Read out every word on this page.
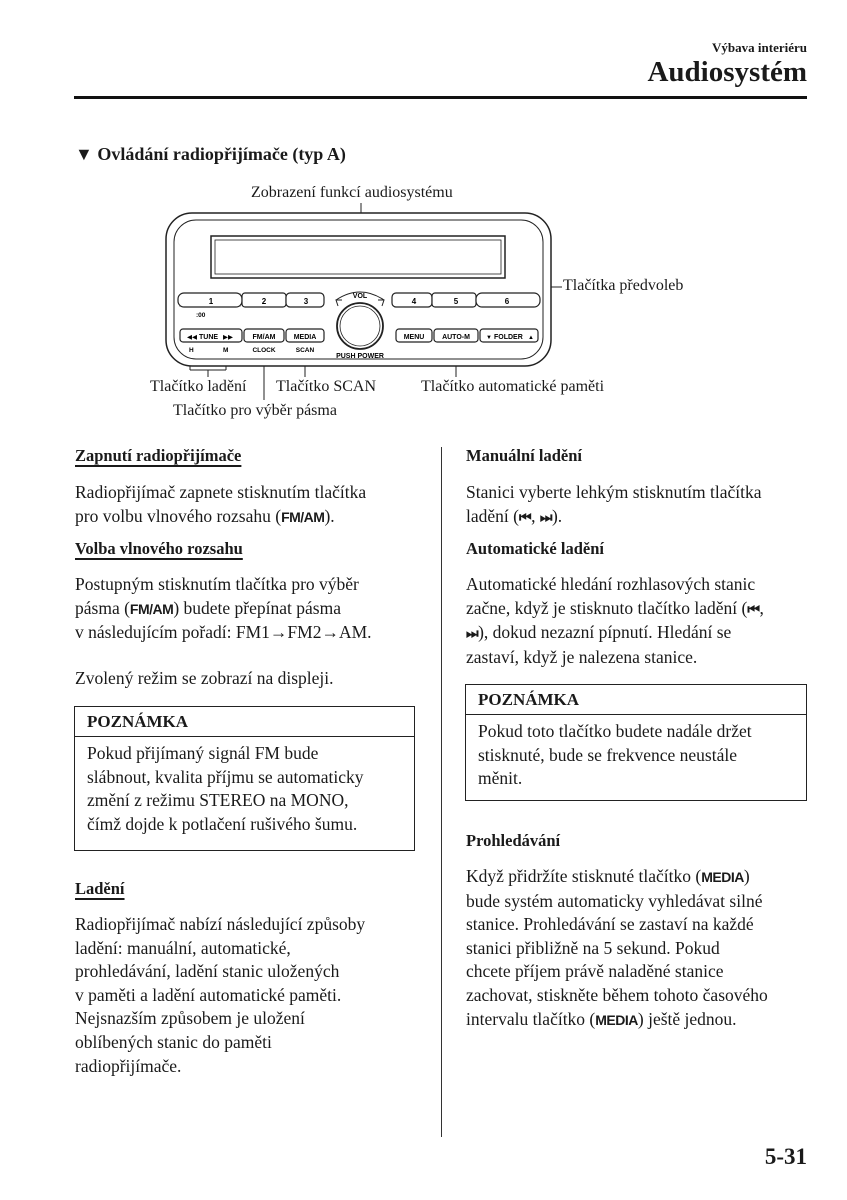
Výbava interiéru
Audiosystém
▼ Ovládání radiopřijímače (typ A)
Zobrazení funkcí audiosystému
Tlačítka předvoleb
Tlačítko ladění Tlačítko SCAN
Tlačítko pro výběr pásma
Tlačítko automatické paměti
1	2	3
:00
4	5	6
VOL
PUSH POWER
◀◀ TUNE ▶▶	FM/AM	MEDIA
H	M	CLOCK	SCAN
MENU	AUTO-M	▼ FOLDER ▲
Zapnutí radiopřijímače
Radiopřijímač zapnete stisknutím tlačítka
pro volbu vlnového rozsahu (FM/AM).
Volba vlnového rozsahu
Postupným stisknutím tlačítka pro výběr
pásma (FM/AM) budete přepínat pásma
v následujícím pořadí: FM1→FM2→AM.
Zvolený režim se zobrazí na displeji.
POZNÁMKA
Pokud přijímaný signál FM bude
slábnout, kvalita příjmu se automaticky
změní z režimu STEREO na MONO,
čímž dojde k potlačení rušivého šumu.
Ladění
Radiopřijímač nabízí následující způsoby
ladění: manuální, automatické,
prohledávání, ladění stanic uložených
v paměti a ladění automatické paměti.
Nejsnazším způsobem je uložení
oblíbených stanic do paměti
radiopřijímače.
Manuální ladění
Stanici vyberte lehkým stisknutím tlačítka
ladění (⏮, ⏭).
Automatické ladění
Automatické hledání rozhlasových stanic
začne, když je stisknuto tlačítko ladění (⏮,
⏭), dokud nezazní pípnutí. Hledání se
zastaví, když je nalezena stanice.
POZNÁMKA
Pokud toto tlačítko budete nadále držet
stisknuté, bude se frekvence neustále
měnit.
Prohledávání
Když přidržíte stisknuté tlačítko (MEDIA)
bude systém automaticky vyhledávat silné
stanice. Prohledávání se zastaví na každé
stanici přibližně na 5 sekund. Pokud
chcete příjem právě naladěné stanice
zachovat, stiskněte během tohoto časového
intervalu tlačítko (MEDIA) ještě jednou.
5-31
